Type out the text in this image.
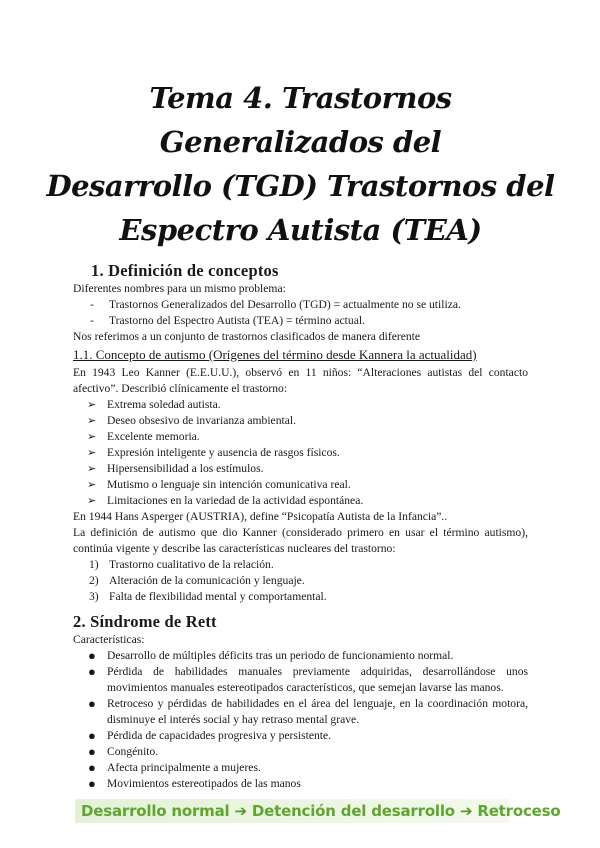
Tema 4. Trastornos Generalizados del
Desarrollo (TGD) Trastornos del
Espectro Autista (TEA)
1. Definición de conceptos

Diferentes nombres para un mismo problema:

- Trastornos Generalizados del Desarrollo (TGD) = actualmente no se utiliza.
- Trastorno del Espectro Autista (TEA) = término actual.

Nos referimos a un conjunto de trastornos clasificados de manera diferente

1.1. Concepto de autismo (Orígenes del término desde Kannera la actualidad)

En 1943 Leo Kanner (E.E.U.U.), observó en 11 niños: “Alteraciones autistas del contacto afectivo”. Describió clínicamente el trastorno:

➢ Extrema soledad autista.
➢ Deseo obsesivo de invarianza ambiental.
➢ Excelente memoria.
➢ Expresión inteligente y ausencia de rasgos físicos.
➢ Hipersensibilidad a los estímulos.
➢ Mutismo o lenguaje sin intención comunicativa real.
➢ Limitaciones en la variedad de la actividad espontánea.

En 1944 Hans Asperger (AUSTRIA), define “Psicopatía Autista de la Infancia”..

La definición de autismo que dio Kanner (considerado primero en usar el término autismo), continúa vigente y describe las características nucleares del trastorno:

1) Trastorno cualitativo de la relación.
2) Alteración de la comunicación y lenguaje.
3) Falta de flexibilidad mental y comportamental.
2. Síndrome de Rett

Características:

● Desarrollo de múltiples déficits tras un periodo de funcionamiento normal.
● Pérdida de habilidades manuales previamente adquiridas, desarrollándose unos movimientos manuales estereotipados característicos, que semejan lavarse las manos.
● Retroceso y pérdidas de habilidades en el área del lenguaje, en la coordinación motora, disminuye el interés social y hay retraso mental grave.
● Pérdida de capacidades progresiva y persistente.
● Congénito.
● Afecta principalmente a mujeres.
● Movimientos estereotipados de las manos
Desarrollo normal ➔ Detención del desarrollo ➔ Retroceso
